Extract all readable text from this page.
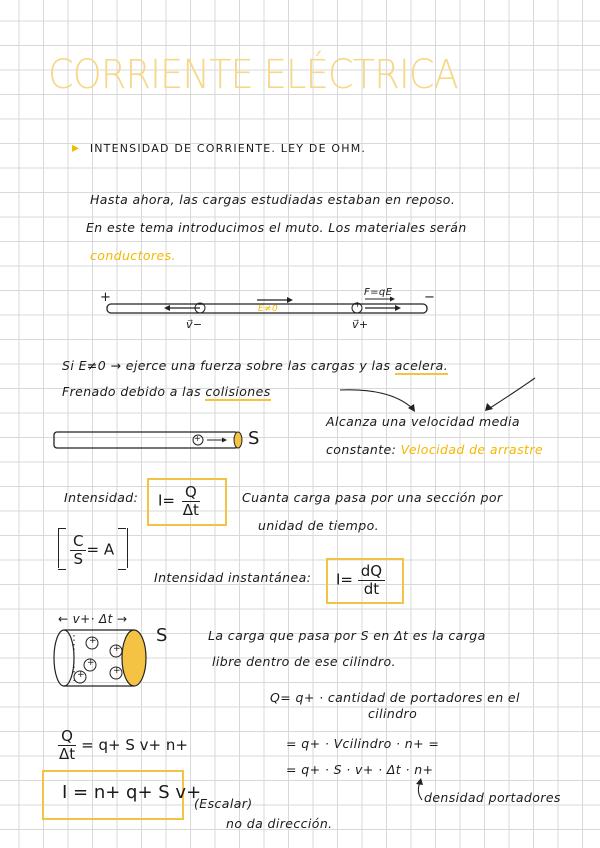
CORRIENTE ELÉCTRICA
▸ INTENSIDAD DE CORRIENTE. LEY DE OHM.
Hasta ahora, las cargas estudiadas estaban en reposo.
En este tema introducimos el muto. Los materiales serán
conductores.
+	−
F=qE
−	+
E≠0
v⃗−	v⃗+
Si E≠0 → ejerce una fuerza sobre las cargas y las acelera.
Frenado debido a las colisiones
Alcanza una velocidad media
constante: Velocidad de arrastre
+	S
Intensidad: $I= \frac{Q}{\Delta t}$	Cuanta carga pasa por una sección por
unidad de tiempo.
$\frac{C}{S} = A$
Intensidad instantánea: $I= \frac{dQ}{dt}$
← v+· Δt →
+
+
+
+
+
S	La carga que pasa por S en Δt es la carga
libre dentro de ese cilindro.
Q= q+ · cantidad de portadores en el
cilindro
$\frac{Q}{\Delta t} = q+ S$ v+ n+	= q+ · Vcilindro · n+ =
= q+ · S · v+ · Δt · n+
I = n+ q+ S v+
(Escalar)
no da dirección.
densidad portadores
